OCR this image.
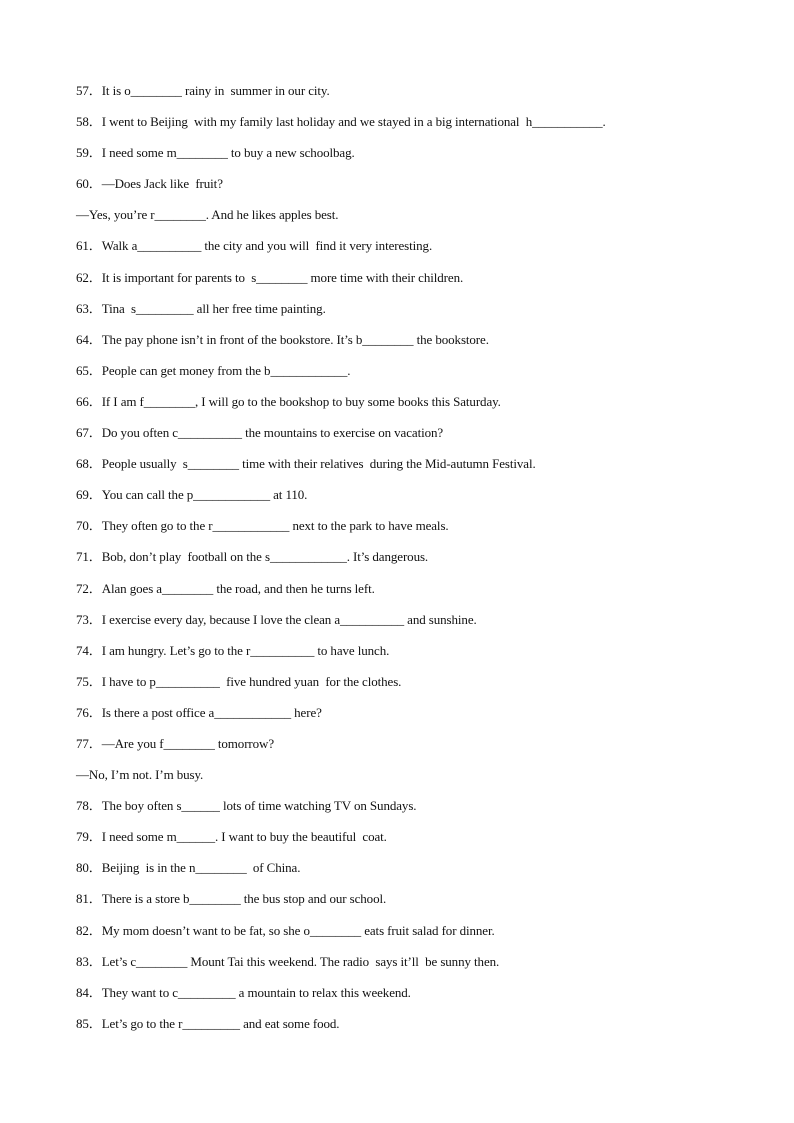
57．It is o________ rainy in  summer in our city.
58．I went to Beijing  with my family last holiday and we stayed in a big international  h___________.
59．I need some m________ to buy a new schoolbag.
60．—Does Jack like  fruit?
—Yes, you’re r________. And he likes apples best.
61．Walk a__________ the city and you will  find it very interesting.
62．It is important for parents to  s________ more time with their children.
63．Tina  s_________ all her free time painting.
64．The pay phone isn’t in front of the bookstore. It’s b________ the bookstore.
65．People can get money from the b____________.
66．If I am f________, I will go to the bookshop to buy some books this Saturday.
67．Do you often c__________ the mountains to exercise on vacation?
68．People usually  s________ time with their relatives  during the Mid-autumn Festival.
69．You can call the p____________ at 110.
70．They often go to the r____________ next to the park to have meals.
71．Bob, don’t play  football on the s____________. It’s dangerous.
72．Alan goes a________ the road, and then he turns left.
73．I exercise every day, because I love the clean a__________ and sunshine.
74．I am hungry. Let’s go to the r__________ to have lunch.
75．I have to p__________  five hundred yuan  for the clothes.
76．Is there a post office a____________ here?
77．—Are you f________ tomorrow?
—No, I’m not. I’m busy.
78．The boy often s______ lots of time watching TV on Sundays.
79．I need some m______. I want to buy the beautiful  coat.
80．Beijing  is in the n________  of China.
81．There is a store b________ the bus stop and our school.
82．My mom doesn’t want to be fat, so she o________ eats fruit salad for dinner.
83．Let’s c________ Mount Tai this weekend. The radio  says it’ll  be sunny then.
84．They want to c_________ a mountain to relax this weekend.
85．Let’s go to the r_________ and eat some food.
